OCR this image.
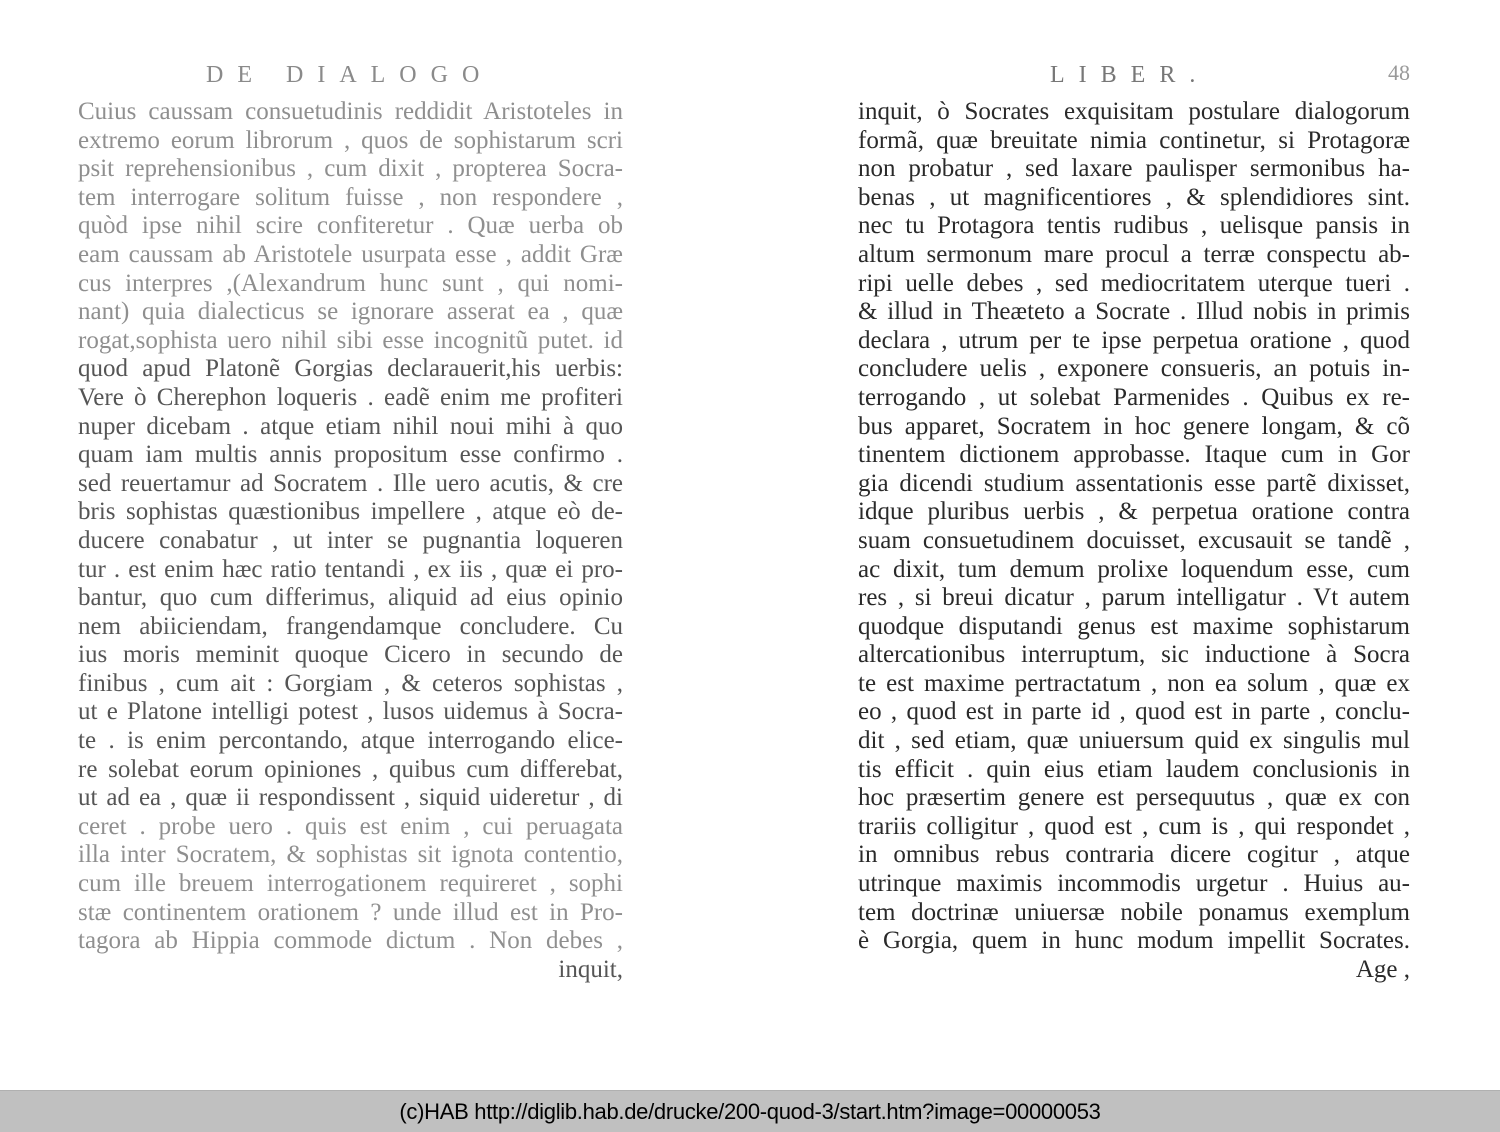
DE DIALOGO
Cuius caussam consuetudinis reddidit Aristoteles in
extremo eorum librorum , quos de sophistarum scri
psit reprehensionibus , cum dixit , propterea Socra-
tem interrogare solitum fuisse , non respondere ,
quòd ipse nihil scire confiteretur . Quæ uerba ob
eam caussam ab Aristotele usurpata esse , addit Græ
cus interpres ,(Alexandrum hunc sunt , qui nomi-
nant) quia dialecticus se ignorare asserat ea , quæ
rogat,sophista uero nihil sibi esse incognitũ putet. id
quod apud Platonẽ Gorgias declarauerit,his uerbis:
Vere ò Cherephon loqueris . eadẽ enim me profiteri
nuper dicebam . atque etiam nihil noui mihi à quo
quam iam multis annis propositum esse confirmo .
sed reuertamur ad Socratem . Ille uero acutis, & cre
bris sophistas quæstionibus impellere , atque eò de-
ducere conabatur , ut inter se pugnantia loqueren
tur . est enim hæc ratio tentandi , ex iis , quæ ei pro-
bantur, quo cum differimus, aliquid ad eius opinio
nem abiiciendam, frangendamque concludere. Cu
ius moris meminit quoque Cicero in secundo de
finibus , cum ait : Gorgiam , & ceteros sophistas ,
ut e Platone intelligi potest , lusos uidemus à Socra-
te . is enim percontando, atque interrogando elice-
re solebat eorum opiniones , quibus cum differebat,
ut ad ea , quæ ii respondissent , siquid uideretur , di
ceret . probe uero . quis est enim , cui peruagata
illa inter Socratem, & sophistas sit ignota contentio,
cum ille breuem interrogationem requireret , sophi
stæ continentem orationem ? unde illud est in Pro-
tagora ab Hippia commode dictum . Non debes ,
inquit,
LIBER.	48
inquit, ò Socrates exquisitam postulare dialogorum
formã, quæ breuitate nimia continetur, si Protagoræ
non probatur , sed laxare paulisper sermonibus ha-
benas , ut magnificentiores , & splendidiores sint.
nec tu Protagora tentis rudibus , uelisque pansis in
altum sermonum mare procul a terræ conspectu ab-
ripi uelle debes , sed mediocritatem uterque tueri .
& illud in Theæteto a Socrate . Illud nobis in primis
declara , utrum per te ipse perpetua oratione , quod
concludere uelis , exponere consueris, an potuis in-
terrogando , ut solebat Parmenides . Quibus ex re-
bus apparet, Socratem in hoc genere longam, & cõ
tinentem dictionem approbasse. Itaque cum in Gor
gia dicendi studium assentationis esse partẽ dixisset,
idque pluribus uerbis , & perpetua oratione contra
suam consuetudinem docuisset, excusauit se tandẽ ,
ac dixit, tum demum prolixe loquendum esse, cum
res , si breui dicatur , parum intelligatur . Vt autem
quodque disputandi genus est maxime sophistarum
altercationibus interruptum, sic inductione à Socra
te est maxime pertractatum , non ea solum , quæ ex
eo , quod est in parte id , quod est in parte , conclu-
dit , sed etiam, quæ uniuersum quid ex singulis mul
tis efficit . quin eius etiam laudem conclusionis in
hoc præsertim genere est persequutus , quæ ex con
trariis colligitur , quod est , cum is , qui respondet ,
in omnibus rebus contraria dicere cogitur , atque
utrinque maximis incommodis urgetur . Huius au-
tem doctrinæ uniuersæ nobile ponamus exemplum
è Gorgia, quem in hunc modum impellit Socrates.
Age ,
(c)HAB http://diglib.hab.de/drucke/200-quod-3/start.htm?image=00000053
